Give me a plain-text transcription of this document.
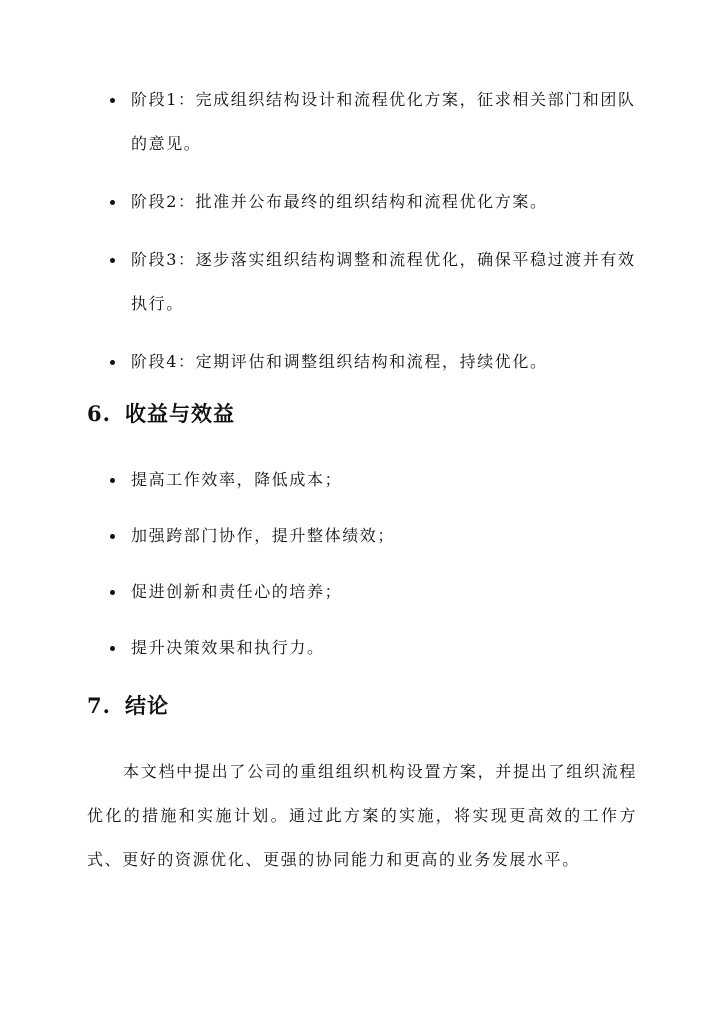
阶段1：完成组织结构设计和流程优化方案，征求相关部门和团队的意见。
阶段2：批准并公布最终的组织结构和流程优化方案。
阶段3：逐步落实组织结构调整和流程优化，确保平稳过渡并有效执行。
阶段4：定期评估和调整组织结构和流程，持续优化。
6. 收益与效益
提高工作效率，降低成本；
加强跨部门协作，提升整体绩效；
促进创新和责任心的培养；
提升决策效果和执行力。
7. 结论

本文档中提出了公司的重组组织机构设置方案，并提出了组织流程优化的措施和实施计划。通过此方案的实施，将实现更高效的工作方式、更好的资源优化、更强的协同能力和更高的业务发展水平。
